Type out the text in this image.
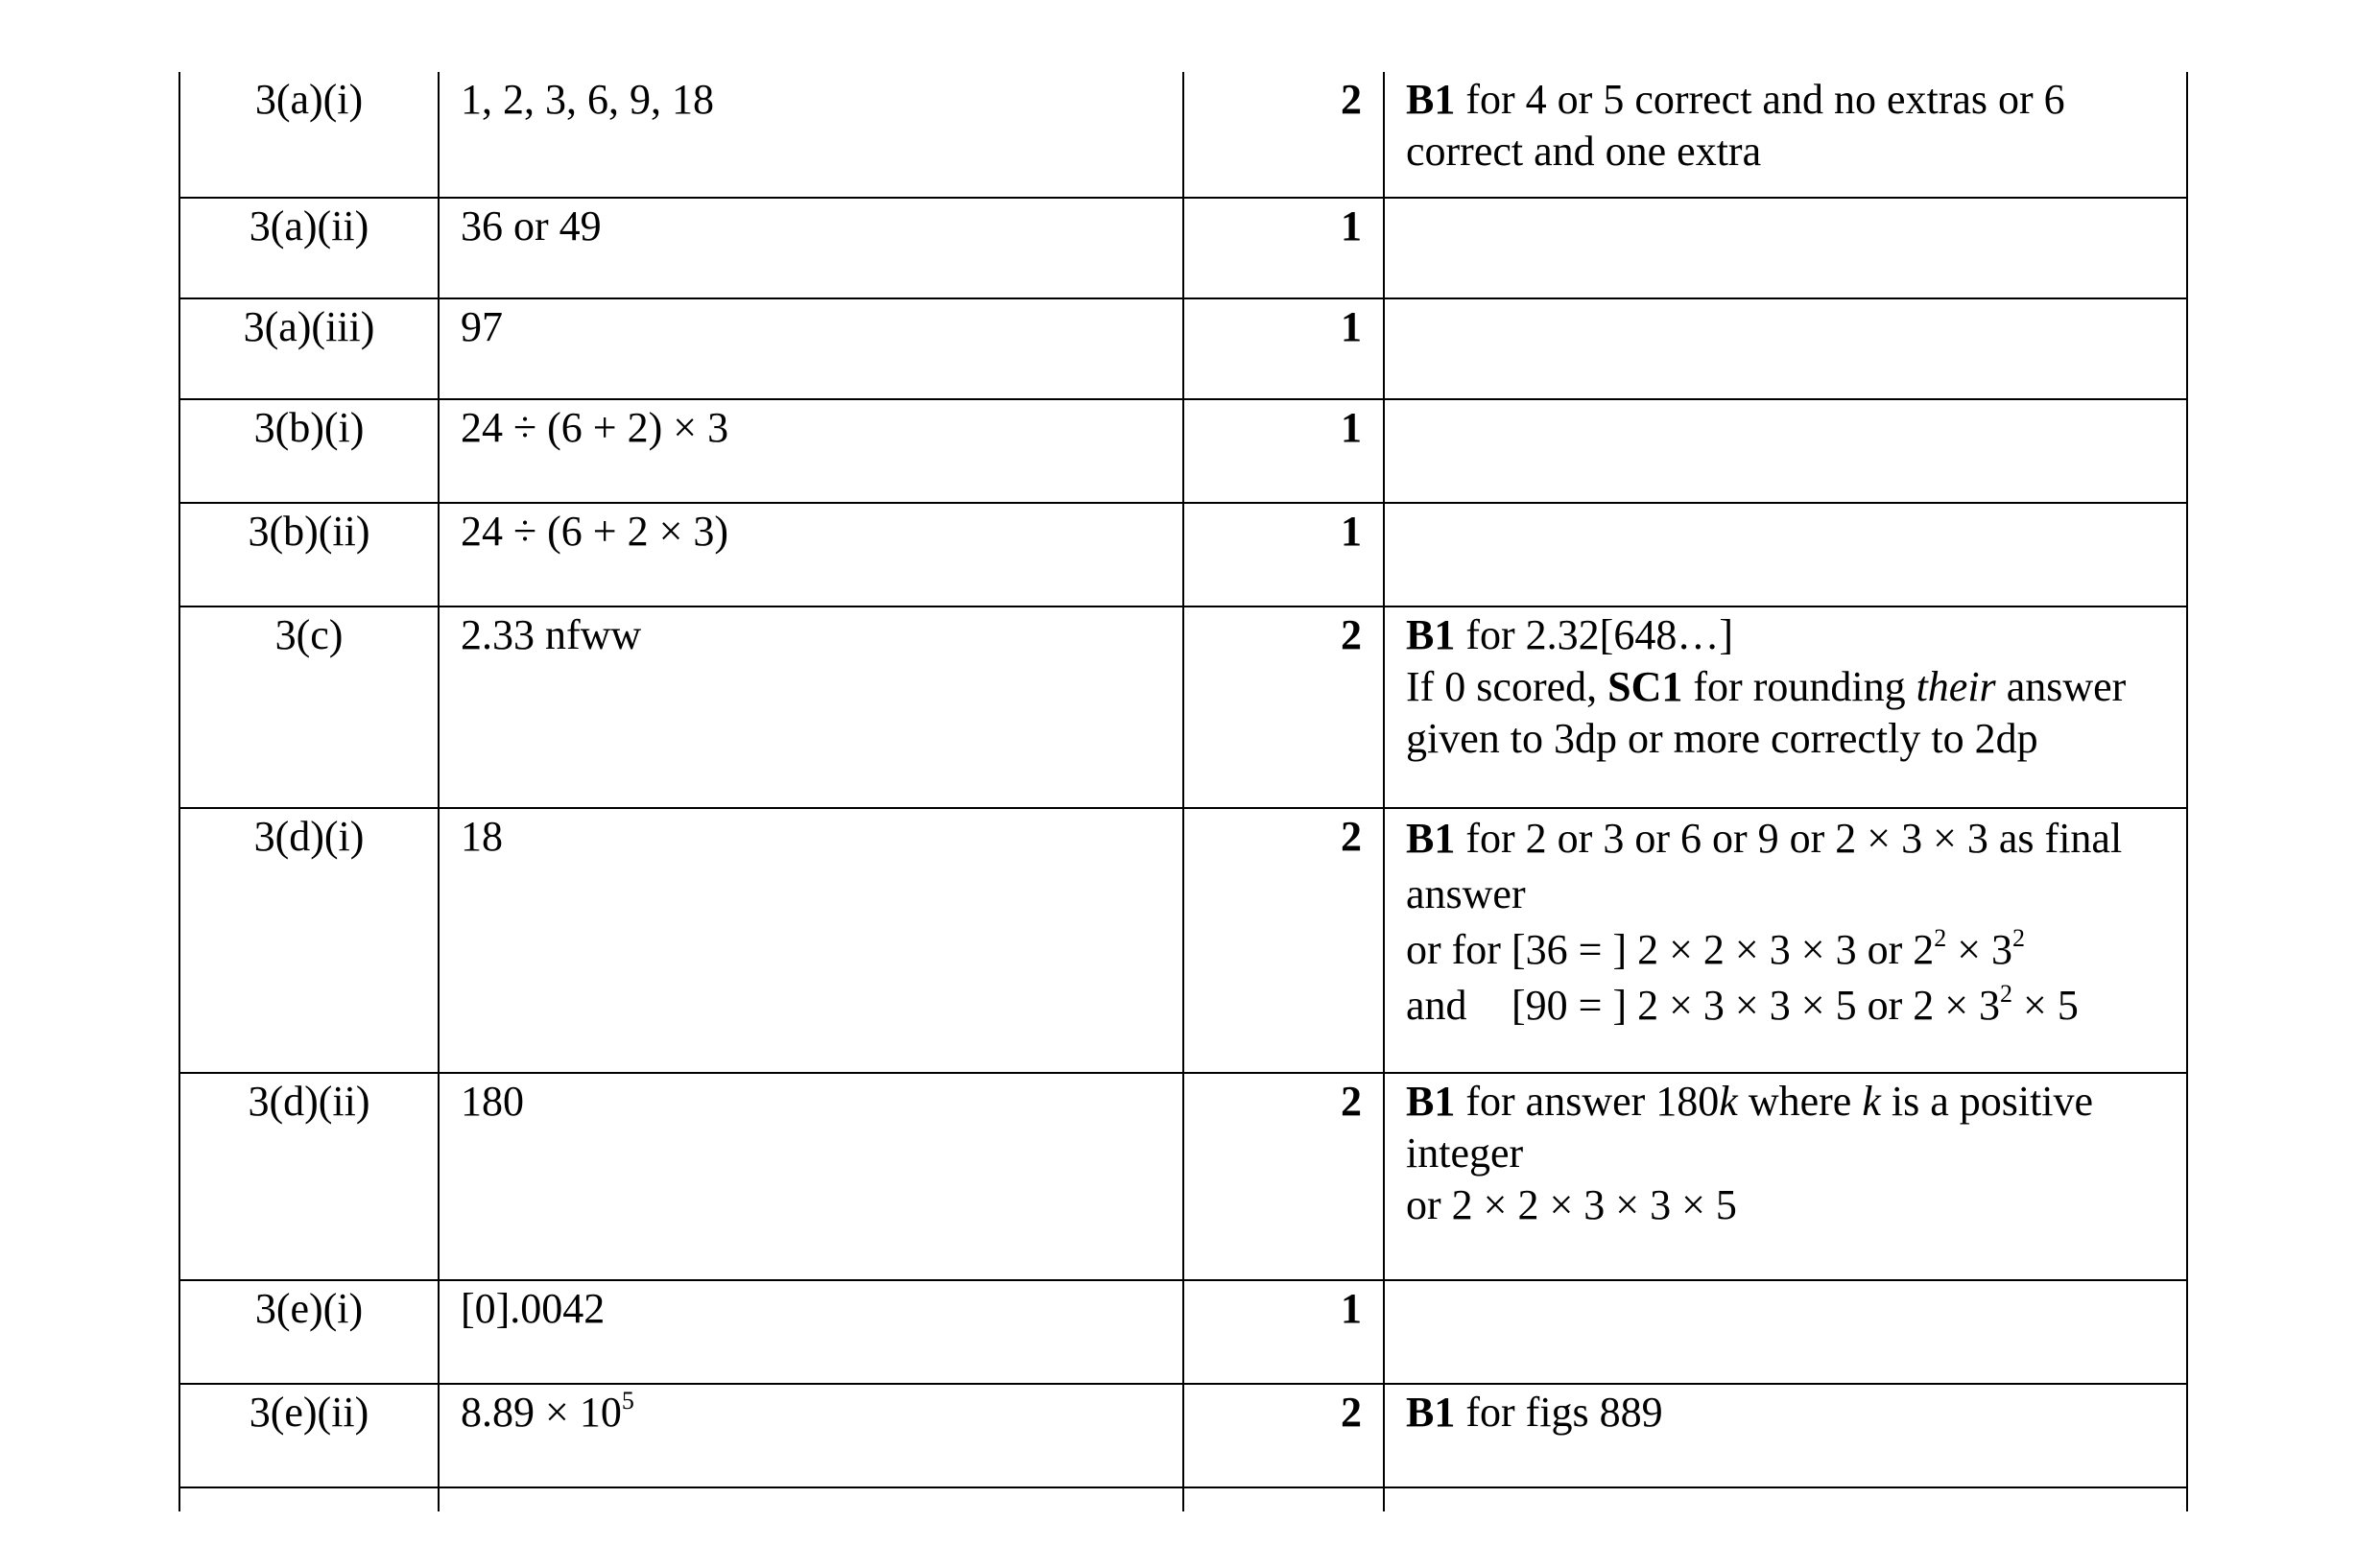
3(a)(i)	1, 2, 3, 6, 9, 18	2	B1 for 4 or 5 correct and no extras or 6 correct and one extra
3(a)(ii)	36 or 49	1	
3(a)(iii)	97	1	
3(b)(i)	24 ÷ (6 + 2) × 3	1	
3(b)(ii)	24 ÷ (6 + 2 × 3)	1	
3(c)	2.33 nfww	2	B1 for 2.32[648…]
If 0 scored, SC1 for rounding their answer given to 3dp or more correctly to 2dp

3(d)(i)	18	2	B1 for 2 or 3 or 6 or 9 or 2 × 3 × 3 as final answer
or for [36 = ] 2 × 2 × 3 × 3 or $2^2 \times 3^2$
and [90 = ] 2 × 3 × 3 × 5 or $2 \times 3^2 \times 5$

3(d)(ii)	180	2	B1 for answer 180k where k is a positive integer
or 2 × 2 × 3 × 3 × 5

3(e)(i)	[0].0042	1	
3(e)(ii)	$8.89 \times 10^5$	2	B1 for figs 889
